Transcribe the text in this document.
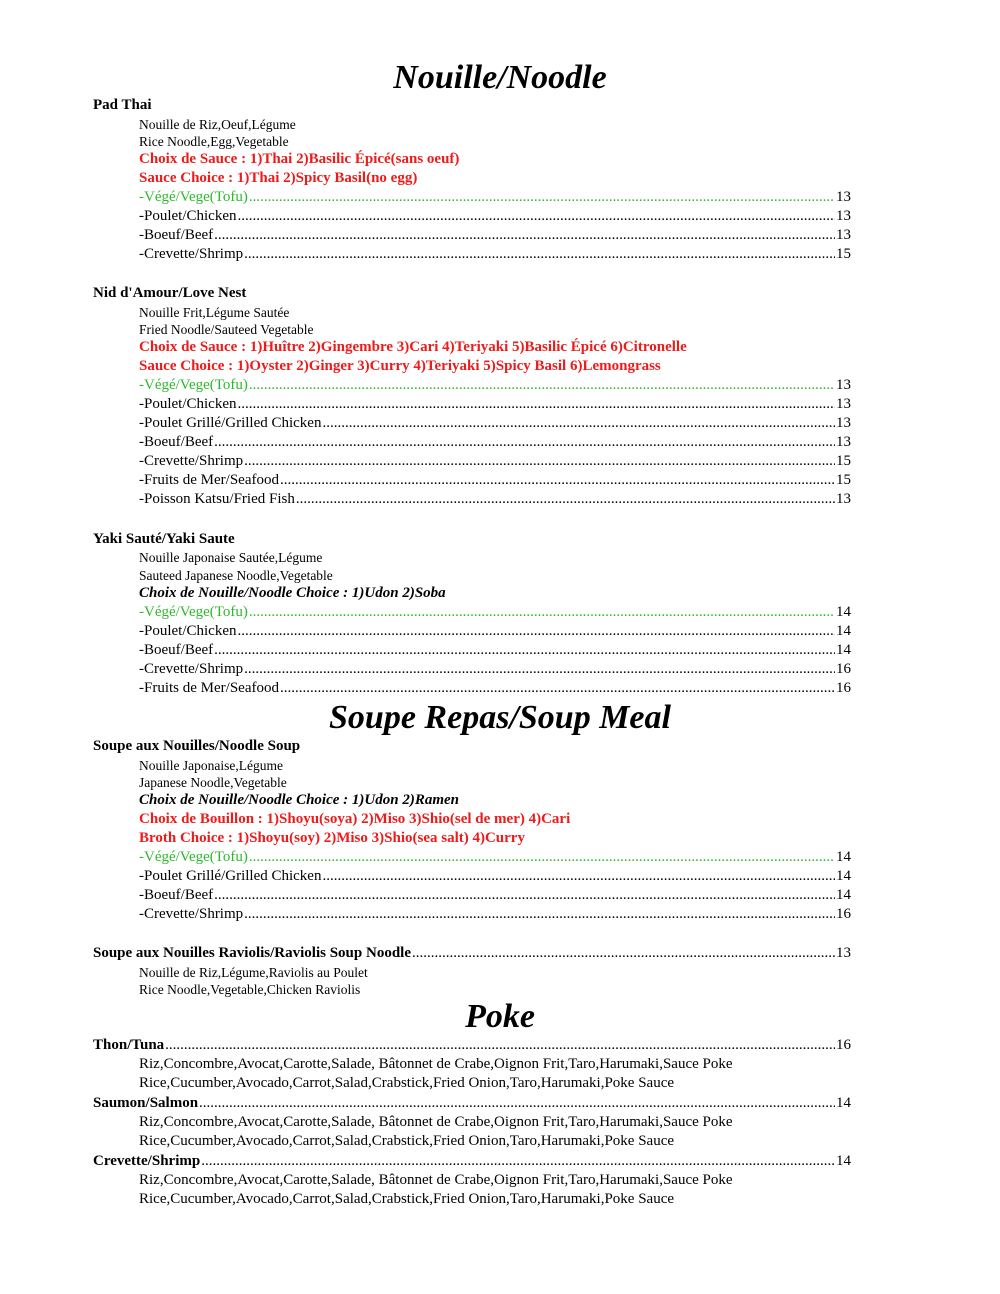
Nouille/Noodle
Pad Thai
Nouille de Riz,Oeuf,Légume
Rice Noodle,Egg,Vegetable
Choix de Sauce : 1)Thai 2)Basilic Épicé(sans oeuf)
Sauce Choice : 1)Thai 2)Spicy Basil(no egg)
-Végé/Vege(Tofu) .....	13
-Poulet/Chicken .....	13
-Boeuf/Beef .....	13
-Crevette/Shrimp .....	15
Nid d'Amour/Love Nest
Nouille Frit,Légume Sautée
Fried Noodle/Sauteed Vegetable
Choix de Sauce : 1)Huître 2)Gingembre 3)Cari 4)Teriyaki 5)Basilic Épicé 6)Citronelle
Sauce Choice : 1)Oyster 2)Ginger 3)Curry 4)Teriyaki 5)Spicy Basil 6)Lemongrass
-Végé/Vege(Tofu) .....	13
-Poulet/Chicken .....	13
-Poulet Grillé/Grilled Chicken .....	13
-Boeuf/Beef .....	13
-Crevette/Shrimp .....	15
-Fruits de Mer/Seafood .....	15
-Poisson Katsu/Fried Fish .....	13
Yaki Sauté/Yaki Saute
Nouille Japonaise Sautée,Légume
Sauteed Japanese Noodle,Vegetable
Choix de Nouille/Noodle Choice : 1)Udon 2)Soba
-Végé/Vege(Tofu) .....	14
-Poulet/Chicken .....	14
-Boeuf/Beef .....	14
-Crevette/Shrimp .....	16
-Fruits de Mer/Seafood .....	16
Soupe Repas/Soup Meal
Soupe aux Nouilles/Noodle Soup
Nouille Japonaise,Légume
Japanese Noodle,Vegetable
Choix de Nouille/Noodle Choice : 1)Udon 2)Ramen
Choix de Bouillon : 1)Shoyu(soya) 2)Miso 3)Shio(sel de mer) 4)Cari
Broth Choice : 1)Shoyu(soy) 2)Miso 3)Shio(sea salt) 4)Curry
-Végé/Vege(Tofu) .....	14
-Poulet Grillé/Grilled Chicken .....	14
-Boeuf/Beef .....	14
-Crevette/Shrimp .....	16
Soupe aux Nouilles Raviolis/Raviolis Soup Noodle .....	13
Nouille de Riz,Légume,Raviolis au Poulet
Rice Noodle,Vegetable,Chicken Raviolis
Poke
Thon/Tuna .....	16
Riz,Concombre,Avocat,Carotte,Salade, Bâtonnet de Crabe,Oignon Frit,Taro,Harumaki,Sauce Poke
Rice,Cucumber,Avocado,Carrot,Salad,Crabstick,Fried Onion,Taro,Harumaki,Poke Sauce
Saumon/Salmon .....	14
Riz,Concombre,Avocat,Carotte,Salade, Bâtonnet de Crabe,Oignon Frit,Taro,Harumaki,Sauce Poke
Rice,Cucumber,Avocado,Carrot,Salad,Crabstick,Fried Onion,Taro,Harumaki,Poke Sauce
Crevette/Shrimp .....	14
Riz,Concombre,Avocat,Carotte,Salade, Bâtonnet de Crabe,Oignon Frit,Taro,Harumaki,Sauce Poke
Rice,Cucumber,Avocado,Carrot,Salad,Crabstick,Fried Onion,Taro,Harumaki,Poke Sauce
